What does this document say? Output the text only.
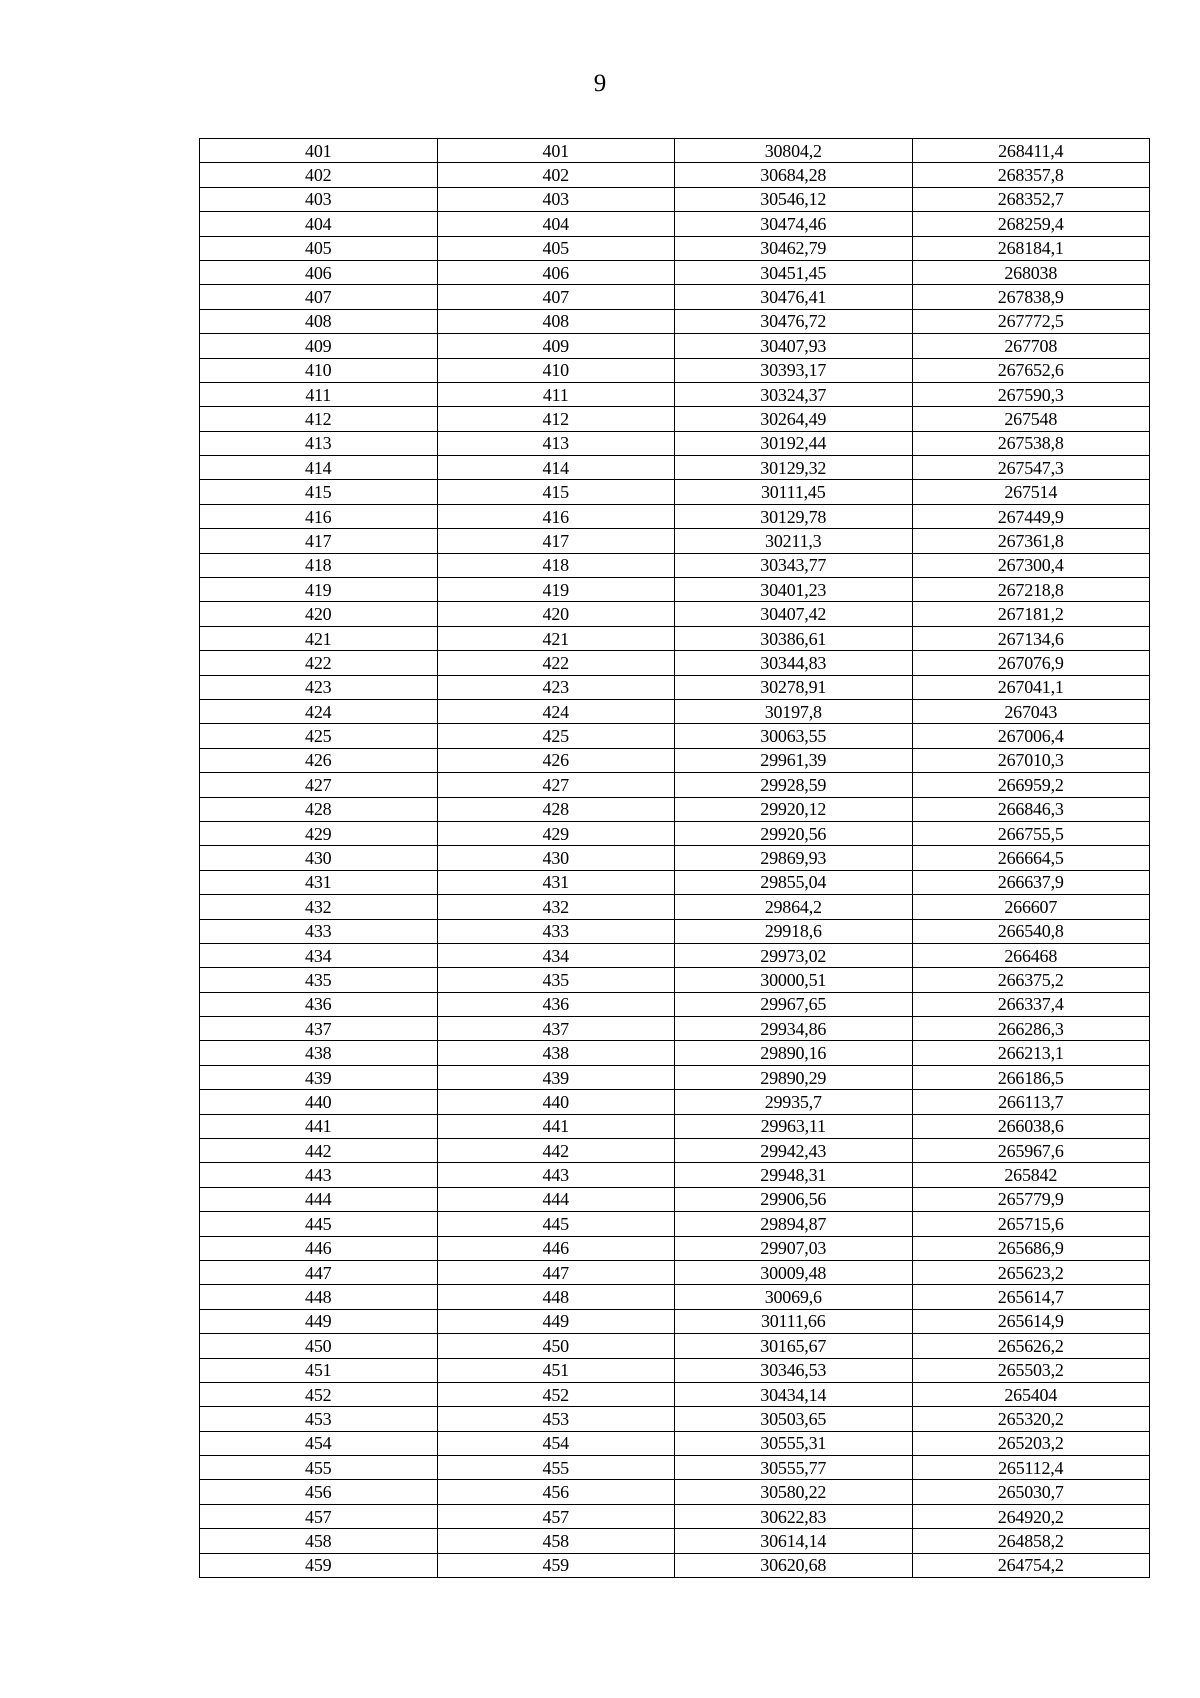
9
401	401	30804,2	268411,4
402	402	30684,28	268357,8
403	403	30546,12	268352,7
404	404	30474,46	268259,4
405	405	30462,79	268184,1
406	406	30451,45	268038
407	407	30476,41	267838,9
408	408	30476,72	267772,5
409	409	30407,93	267708
410	410	30393,17	267652,6
411	411	30324,37	267590,3
412	412	30264,49	267548
413	413	30192,44	267538,8
414	414	30129,32	267547,3
415	415	30111,45	267514
416	416	30129,78	267449,9
417	417	30211,3	267361,8
418	418	30343,77	267300,4
419	419	30401,23	267218,8
420	420	30407,42	267181,2
421	421	30386,61	267134,6
422	422	30344,83	267076,9
423	423	30278,91	267041,1
424	424	30197,8	267043
425	425	30063,55	267006,4
426	426	29961,39	267010,3
427	427	29928,59	266959,2
428	428	29920,12	266846,3
429	429	29920,56	266755,5
430	430	29869,93	266664,5
431	431	29855,04	266637,9
432	432	29864,2	266607
433	433	29918,6	266540,8
434	434	29973,02	266468
435	435	30000,51	266375,2
436	436	29967,65	266337,4
437	437	29934,86	266286,3
438	438	29890,16	266213,1
439	439	29890,29	266186,5
440	440	29935,7	266113,7
441	441	29963,11	266038,6
442	442	29942,43	265967,6
443	443	29948,31	265842
444	444	29906,56	265779,9
445	445	29894,87	265715,6
446	446	29907,03	265686,9
447	447	30009,48	265623,2
448	448	30069,6	265614,7
449	449	30111,66	265614,9
450	450	30165,67	265626,2
451	451	30346,53	265503,2
452	452	30434,14	265404
453	453	30503,65	265320,2
454	454	30555,31	265203,2
455	455	30555,77	265112,4
456	456	30580,22	265030,7
457	457	30622,83	264920,2
458	458	30614,14	264858,2
459	459	30620,68	264754,2
